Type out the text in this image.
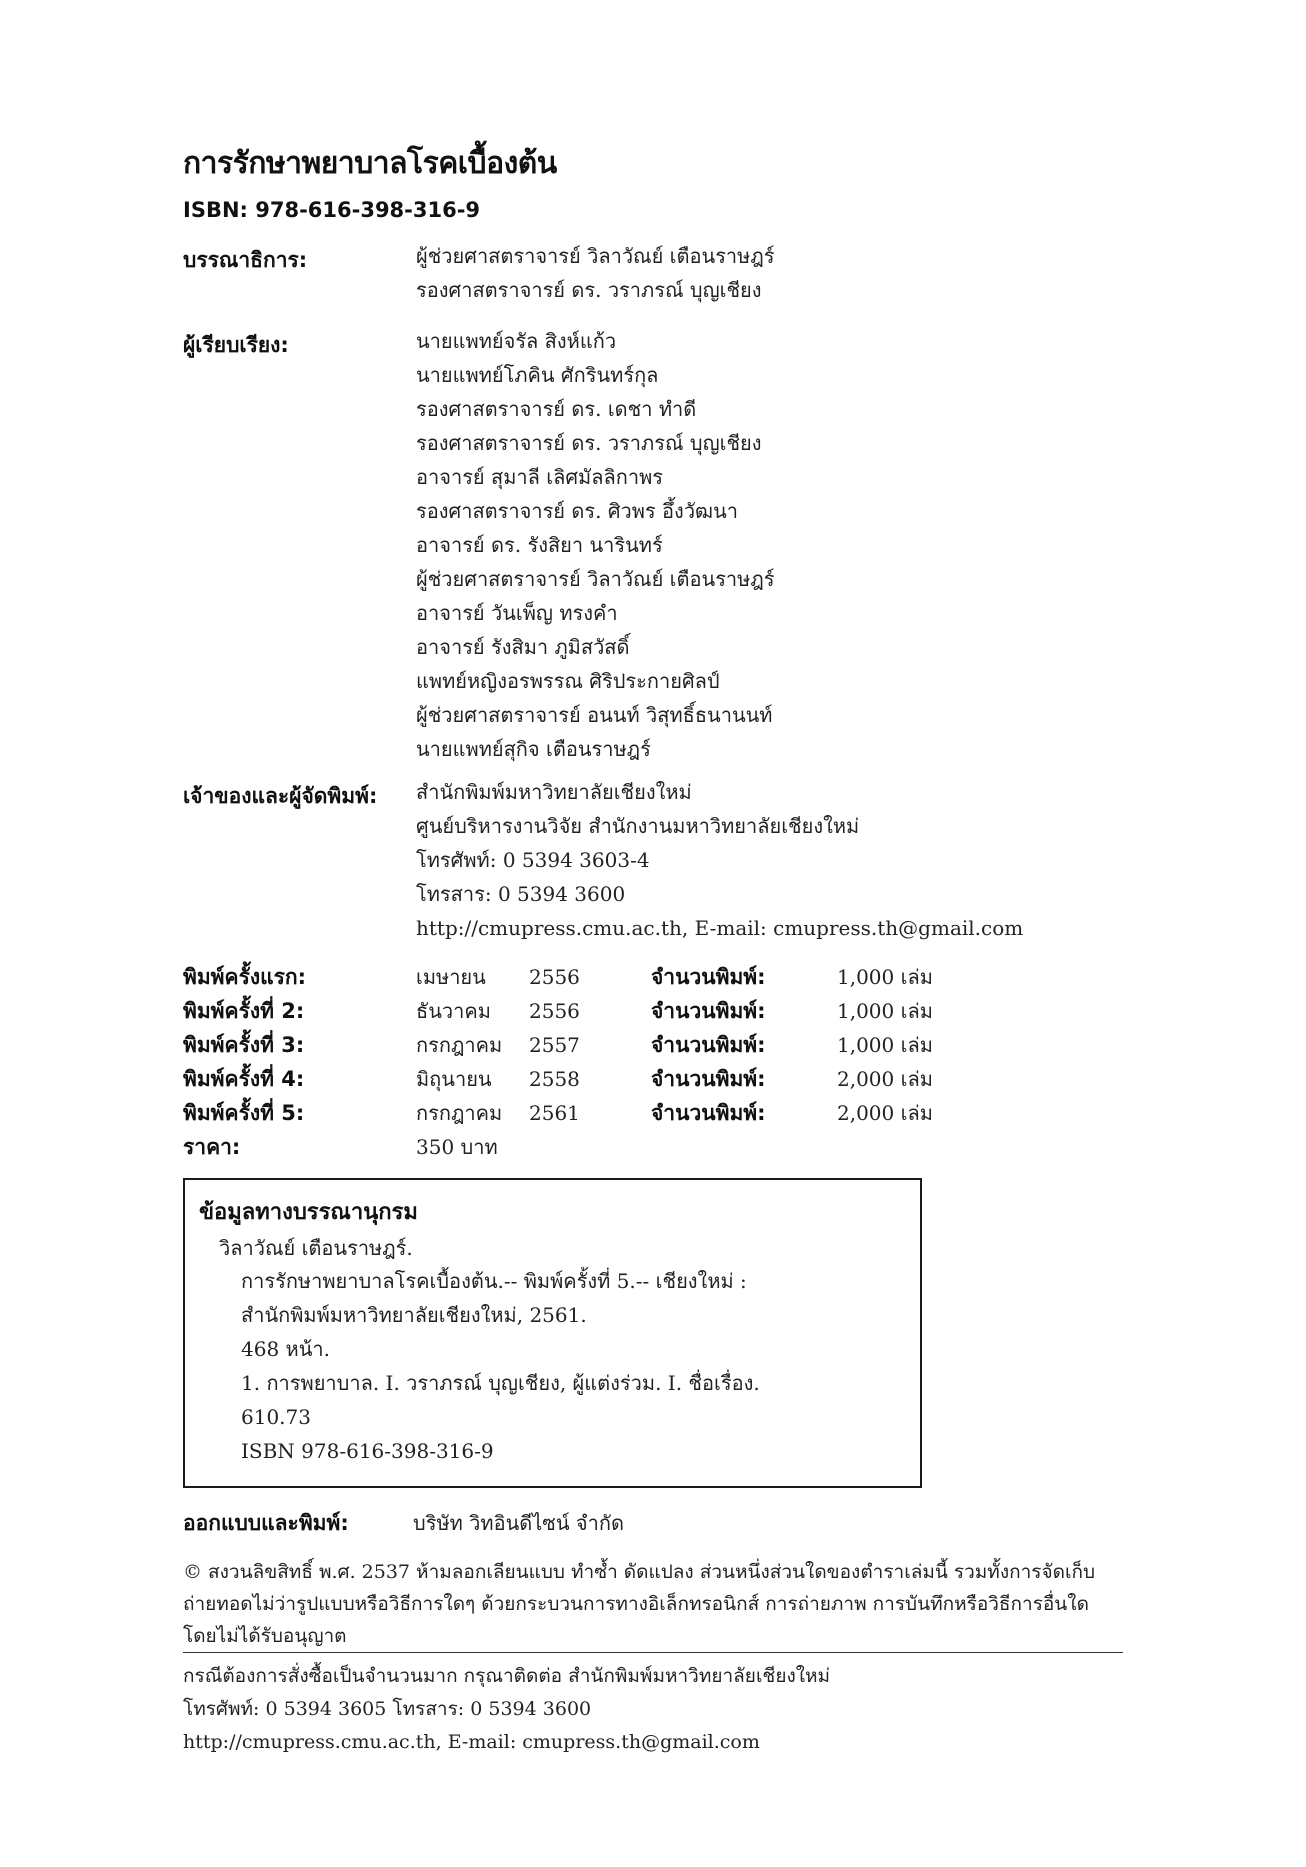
การรักษาพยาบาลโรคเบื้องต้น
ISBN: 978-616-398-316-9
บรรณาธิการ:	ผู้ช่วยศาสตราจารย์ วิลาวัณย์ เตือนราษฎร์
รองศาสตราจารย์ ดร. วราภรณ์ บุญเชียง
ผู้เรียบเรียง:	นายแพทย์จรัล สิงห์แก้ว
นายแพทย์โภคิน ศักรินทร์กุล
รองศาสตราจารย์ ดร. เดชา ทำดี
รองศาสตราจารย์ ดร. วราภรณ์ บุญเชียง
อาจารย์ สุมาลี เลิศมัลลิกาพร
รองศาสตราจารย์ ดร. ศิวพร อึ้งวัฒนา
อาจารย์ ดร. รังสิยา นารินทร์
ผู้ช่วยศาสตราจารย์ วิลาวัณย์ เตือนราษฎร์
อาจารย์ วันเพ็ญ ทรงคำ
อาจารย์ รังสิมา ภูมิสวัสดิ์
แพทย์หญิงอรพรรณ ศิริประกายศิลป์
ผู้ช่วยศาสตราจารย์ อนนท์ วิสุทธิ์ธนานนท์
นายแพทย์สุกิจ เตือนราษฎร์
เจ้าของและผู้จัดพิมพ์: สำนักพิมพ์มหาวิทยาลัยเชียงใหม่
ศูนย์บริหารงานวิจัย สำนักงานมหาวิทยาลัยเชียงใหม่
โทรศัพท์: 0 5394 3603-4
โทรสาร: 0 5394 3600
http://cmupress.cmu.ac.th, E-mail: cmupress.th@gmail.com
พิมพ์ครั้งแรก:	เมษายน 2556	จำนวนพิมพ์:	1,000 เล่ม
พิมพ์ครั้งที่ 2:	ธันวาคม 2556	จำนวนพิมพ์:	1,000 เล่ม
พิมพ์ครั้งที่ 3:	กรกฎาคม 2557	จำนวนพิมพ์:	1,000 เล่ม
พิมพ์ครั้งที่ 4:	มิถุนายน 2558	จำนวนพิมพ์:	2,000 เล่ม
พิมพ์ครั้งที่ 5:	กรกฎาคม 2561	จำนวนพิมพ์:	2,000 เล่ม
ราคา:	350 บาท
ข้อมูลทางบรรณานุกรม
วิลาวัณย์ เตือนราษฎร์.
การรักษาพยาบาลโรคเบื้องต้น.-- พิมพ์ครั้งที่ 5.-- เชียงใหม่ :
สำนักพิมพ์มหาวิทยาลัยเชียงใหม่, 2561.
468 หน้า.
1. การพยาบาล. I. วราภรณ์ บุญเชียง, ผู้แต่งร่วม. I. ชื่อเรื่อง.
610.73
ISBN 978-616-398-316-9
ออกแบบและพิมพ์:	บริษัท วิทอินดีไซน์ จำกัด
© สงวนลิขสิทธิ์ พ.ศ. 2537 ห้ามลอกเลียนแบบ ทำซ้ำ ดัดแปลง ส่วนหนึ่งส่วนใดของตำราเล่มนี้ รวมทั้งการจัดเก็บ
ถ่ายทอดไม่ว่ารูปแบบหรือวิธีการใดๆ ด้วยกระบวนการทางอิเล็กทรอนิกส์ การถ่ายภาพ การบันทึกหรือวิธีการอื่นใด
โดยไม่ได้รับอนุญาต
กรณีต้องการสั่งซื้อเป็นจำนวนมาก กรุณาติดต่อ สำนักพิมพ์มหาวิทยาลัยเชียงใหม่
โทรศัพท์: 0 5394 3605 โทรสาร: 0 5394 3600
http://cmupress.cmu.ac.th, E-mail: cmupress.th@gmail.com
